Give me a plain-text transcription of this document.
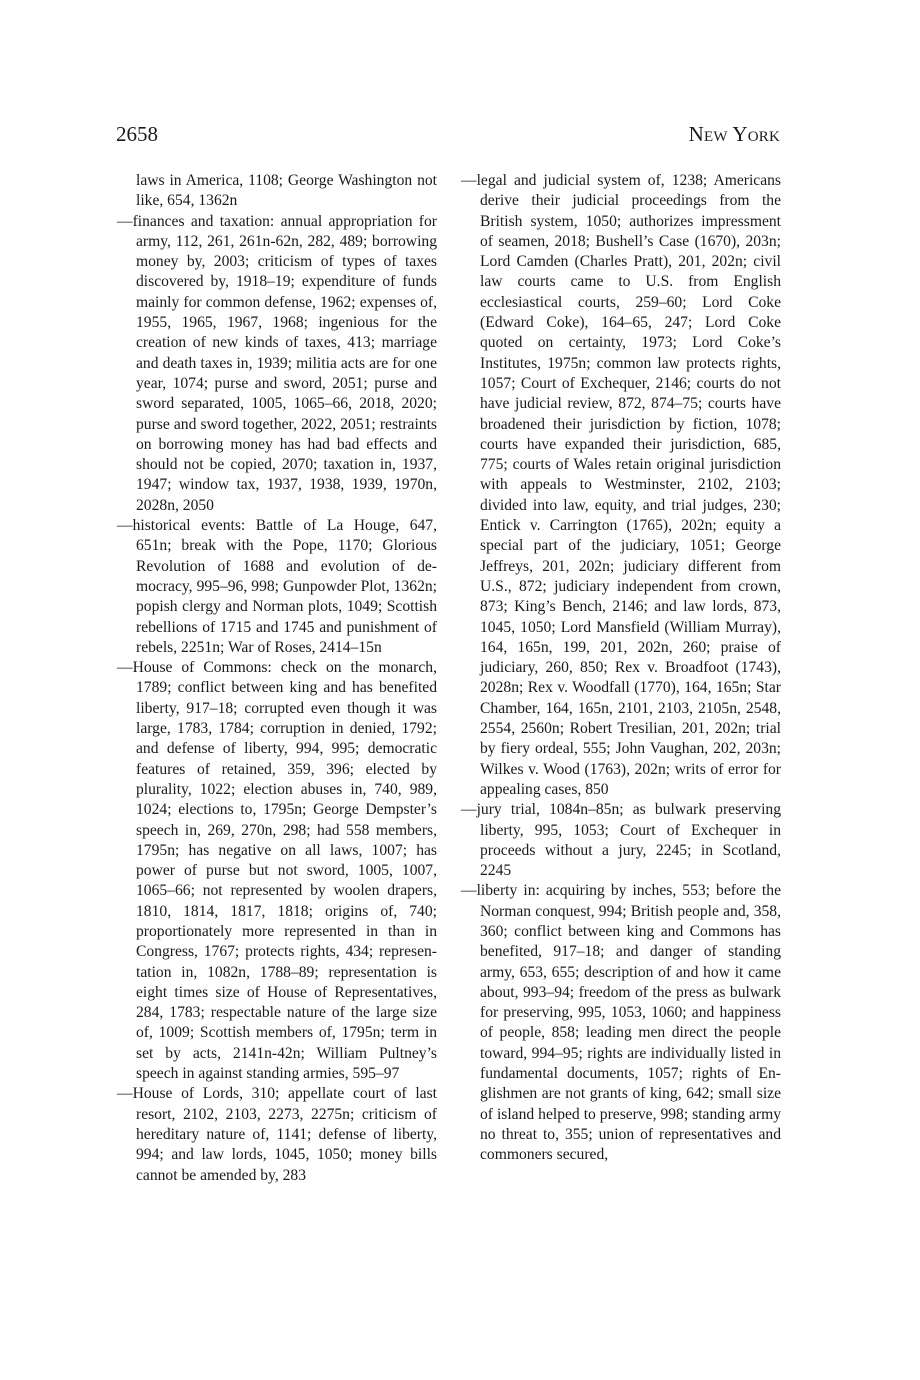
2658	New York

laws in America, 1108; George Washington not like, 654, 1362n

—finances and taxation: annual appropriation for army, 112, 261, 261n-62n, 282, 489; borrowing money by, 2003; criticism of types of taxes discovered by, 1918–19; expenditure of funds mainly for common defense, 1962; expenses of, 1955, 1965, 1967, 1968; ingenious for the creation of new kinds of taxes, 413; marriage and death taxes in, 1939; militia acts are for one year, 1074; purse and sword, 2051; purse and sword separated, 1005, 1065–66, 2018, 2020; purse and sword together, 2022, 2051; restraints on borrowing money has had bad effects and should not be copied, 2070; taxation in, 1937, 1947; window tax, 1937, 1938, 1939, 1970n, 2028n, 2050

—historical events: Battle of La Houge, 647, 651n; break with the Pope, 1170; Glorious Revolution of 1688 and evolution of democracy, 995–96, 998; Gunpowder Plot, 1362n; popish clergy and Norman plots, 1049; Scottish rebellions of 1715 and 1745 and punishment of rebels, 2251n; War of Roses, 2414–15n

—House of Commons: check on the monarch, 1789; conflict between king and has benefited liberty, 917–18; corrupted even though it was large, 1783, 1784; corruption in denied, 1792; and defense of liberty, 994, 995; democratic features of retained, 359, 396; elected by plurality, 1022; election abuses in, 740, 989, 1024; elections to, 1795n; George Dempster’s speech in, 269, 270n, 298; had 558 members, 1795n; has negative on all laws, 1007; has power of purse but not sword, 1005, 1007, 1065–66; not represented by woolen drapers, 1810, 1814, 1817, 1818; origins of, 740; proportionately more represented in than in Congress, 1767; protects rights, 434; representation in, 1082n, 1788–89; representation is eight times size of House of Representatives, 284, 1783; respectable nature of the large size of, 1009; Scottish members of, 1795n; term in set by acts, 2141n-42n; William Pultney’s speech in against standing armies, 595–97

—House of Lords, 310; appellate court of last resort, 2102, 2103, 2273, 2275n; criticism of hereditary nature of, 1141; defense of liberty, 994; and law lords, 1045, 1050; money bills cannot be amended by, 283

—legal and judicial system of, 1238; Americans derive their judicial proceedings from the British system, 1050; authorizes impressment of seamen, 2018; Bushell’s Case (1670), 203n; Lord Camden (Charles Pratt), 201, 202n; civil law courts came to U.S. from English ecclesiastical courts, 259–60; Lord Coke (Edward Coke), 164–65, 247; Lord Coke quoted on certainty, 1973; Lord Coke’s Institutes, 1975n; common law protects rights, 1057; Court of Exchequer, 2146; courts do not have judicial review, 872, 874–75; courts have broadened their jurisdiction by fiction, 1078; courts have expanded their jurisdiction, 685, 775; courts of Wales retain original jurisdiction with appeals to Westminster, 2102, 2103; divided into law, equity, and trial judges, 230; Entick v. Carrington (1765), 202n; equity a special part of the judiciary, 1051; George Jeffreys, 201, 202n; judiciary different from U.S., 872; judiciary independent from crown, 873; King’s Bench, 2146; and law lords, 873, 1045, 1050; Lord Mansfield (William Murray), 164, 165n, 199, 201, 202n, 260; praise of judiciary, 260, 850; Rex v. Broadfoot (1743), 2028n; Rex v. Woodfall (1770), 164, 165n; Star Chamber, 164, 165n, 2101, 2103, 2105n, 2548, 2554, 2560n; Robert Tresilian, 201, 202n; trial by fiery ordeal, 555; John Vaughan, 202, 203n; Wilkes v. Wood (1763), 202n; writs of error for appealing cases, 850

—jury trial, 1084n–85n; as bulwark preserving liberty, 995, 1053; Court of Exchequer in proceeds without a jury, 2245; in Scotland, 2245

—liberty in: acquiring by inches, 553; before the Norman conquest, 994; British people and, 358, 360; conflict between king and Commons has benefited, 917–18; and danger of standing army, 653, 655; description of and how it came about, 993–94; freedom of the press as bulwark for preserving, 995, 1053, 1060; and happiness of people, 858; leading men direct the people toward, 994–95; rights are individually listed in fundamental documents, 1057; rights of Englishmen are not grants of king, 642; small size of island helped to preserve, 998; standing army no threat to, 355; union of representatives and commoners secured,
